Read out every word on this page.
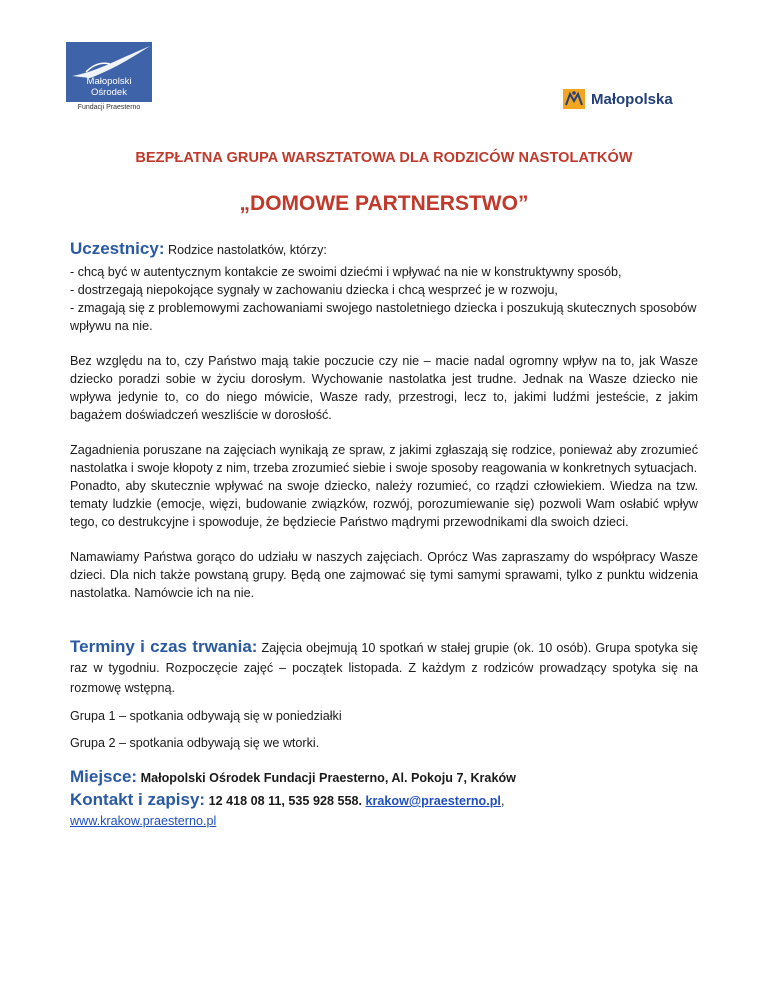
Małopolski
Ośrodek
Fundacji Praesterno	Małopolska
BEZPŁATNA GRUPA WARSZTATOWA DLA RODZICÓW NASTOLATKÓW
„DOMOWE PARTNERSTWO”
Uczestnicy: Rodzice nastolatków, którzy:

- chcą być w autentycznym kontakcie ze swoimi dziećmi i wpływać na nie w konstruktywny sposób,

- dostrzegają niepokojące sygnały w zachowaniu dziecka i chcą wesprzeć je w rozwoju,

- zmagają się z problemowymi zachowaniami swojego nastoletniego dziecka i poszukują skutecznych sposobów wpływu na nie.

Bez względu na to, czy Państwo mają takie poczucie czy nie – macie nadal ogromny wpływ na to, jak Wasze dziecko poradzi sobie w życiu dorosłym. Wychowanie nastolatka jest trudne. Jednak na Wasze dziecko nie wpływa jedynie to, co do niego mówicie, Wasze rady, przestrogi, lecz to, jakimi ludźmi jesteście, z jakim bagażem doświadczeń weszliście w dorosłość.

Zagadnienia poruszane na zajęciach wynikają ze spraw, z jakimi zgłaszają się rodzice, ponieważ aby zrozumieć nastolatka i swoje kłopoty z nim, trzeba zrozumieć siebie i swoje sposoby reagowania w konkretnych sytuacjach.

Ponadto, aby skutecznie wpływać na swoje dziecko, należy rozumieć, co rządzi człowiekiem. Wiedza na tzw. tematy ludzkie (emocje, więzi, budowanie związków, rozwój, porozumiewanie się) pozwoli Wam osłabić wpływ tego, co destrukcyjne i spowoduje, że będziecie Państwo mądrymi przewodnikami dla swoich dzieci.

Namawiamy Państwa gorąco do udziału w naszych zajęciach. Oprócz Was zapraszamy do współpracy Wasze dzieci. Dla nich także powstaną grupy. Będą one zajmować się tymi samymi sprawami, tylko z punktu widzenia nastolatka. Namówcie ich na nie.

Terminy i czas trwania: Zajęcia obejmują 10 spotkań w stałej grupie (ok. 10 osób). Grupa spotyka się raz w tygodniu. Rozpoczęcie zajęć – początek listopada. Z każdym z rodziców prowadzący spotyka się na rozmowę wstępną.

Grupa 1 – spotkania odbywają się w poniedziałki

Grupa 2 – spotkania odbywają się we wtorki.

Miejsce: Małopolski Ośrodek Fundacji Praesterno, Al. Pokoju 7, Kraków
Kontakt i zapisy: 12 418 08 11, 535 928 558. krakow@praesterno.pl,

www.krakow.praesterno.pl
